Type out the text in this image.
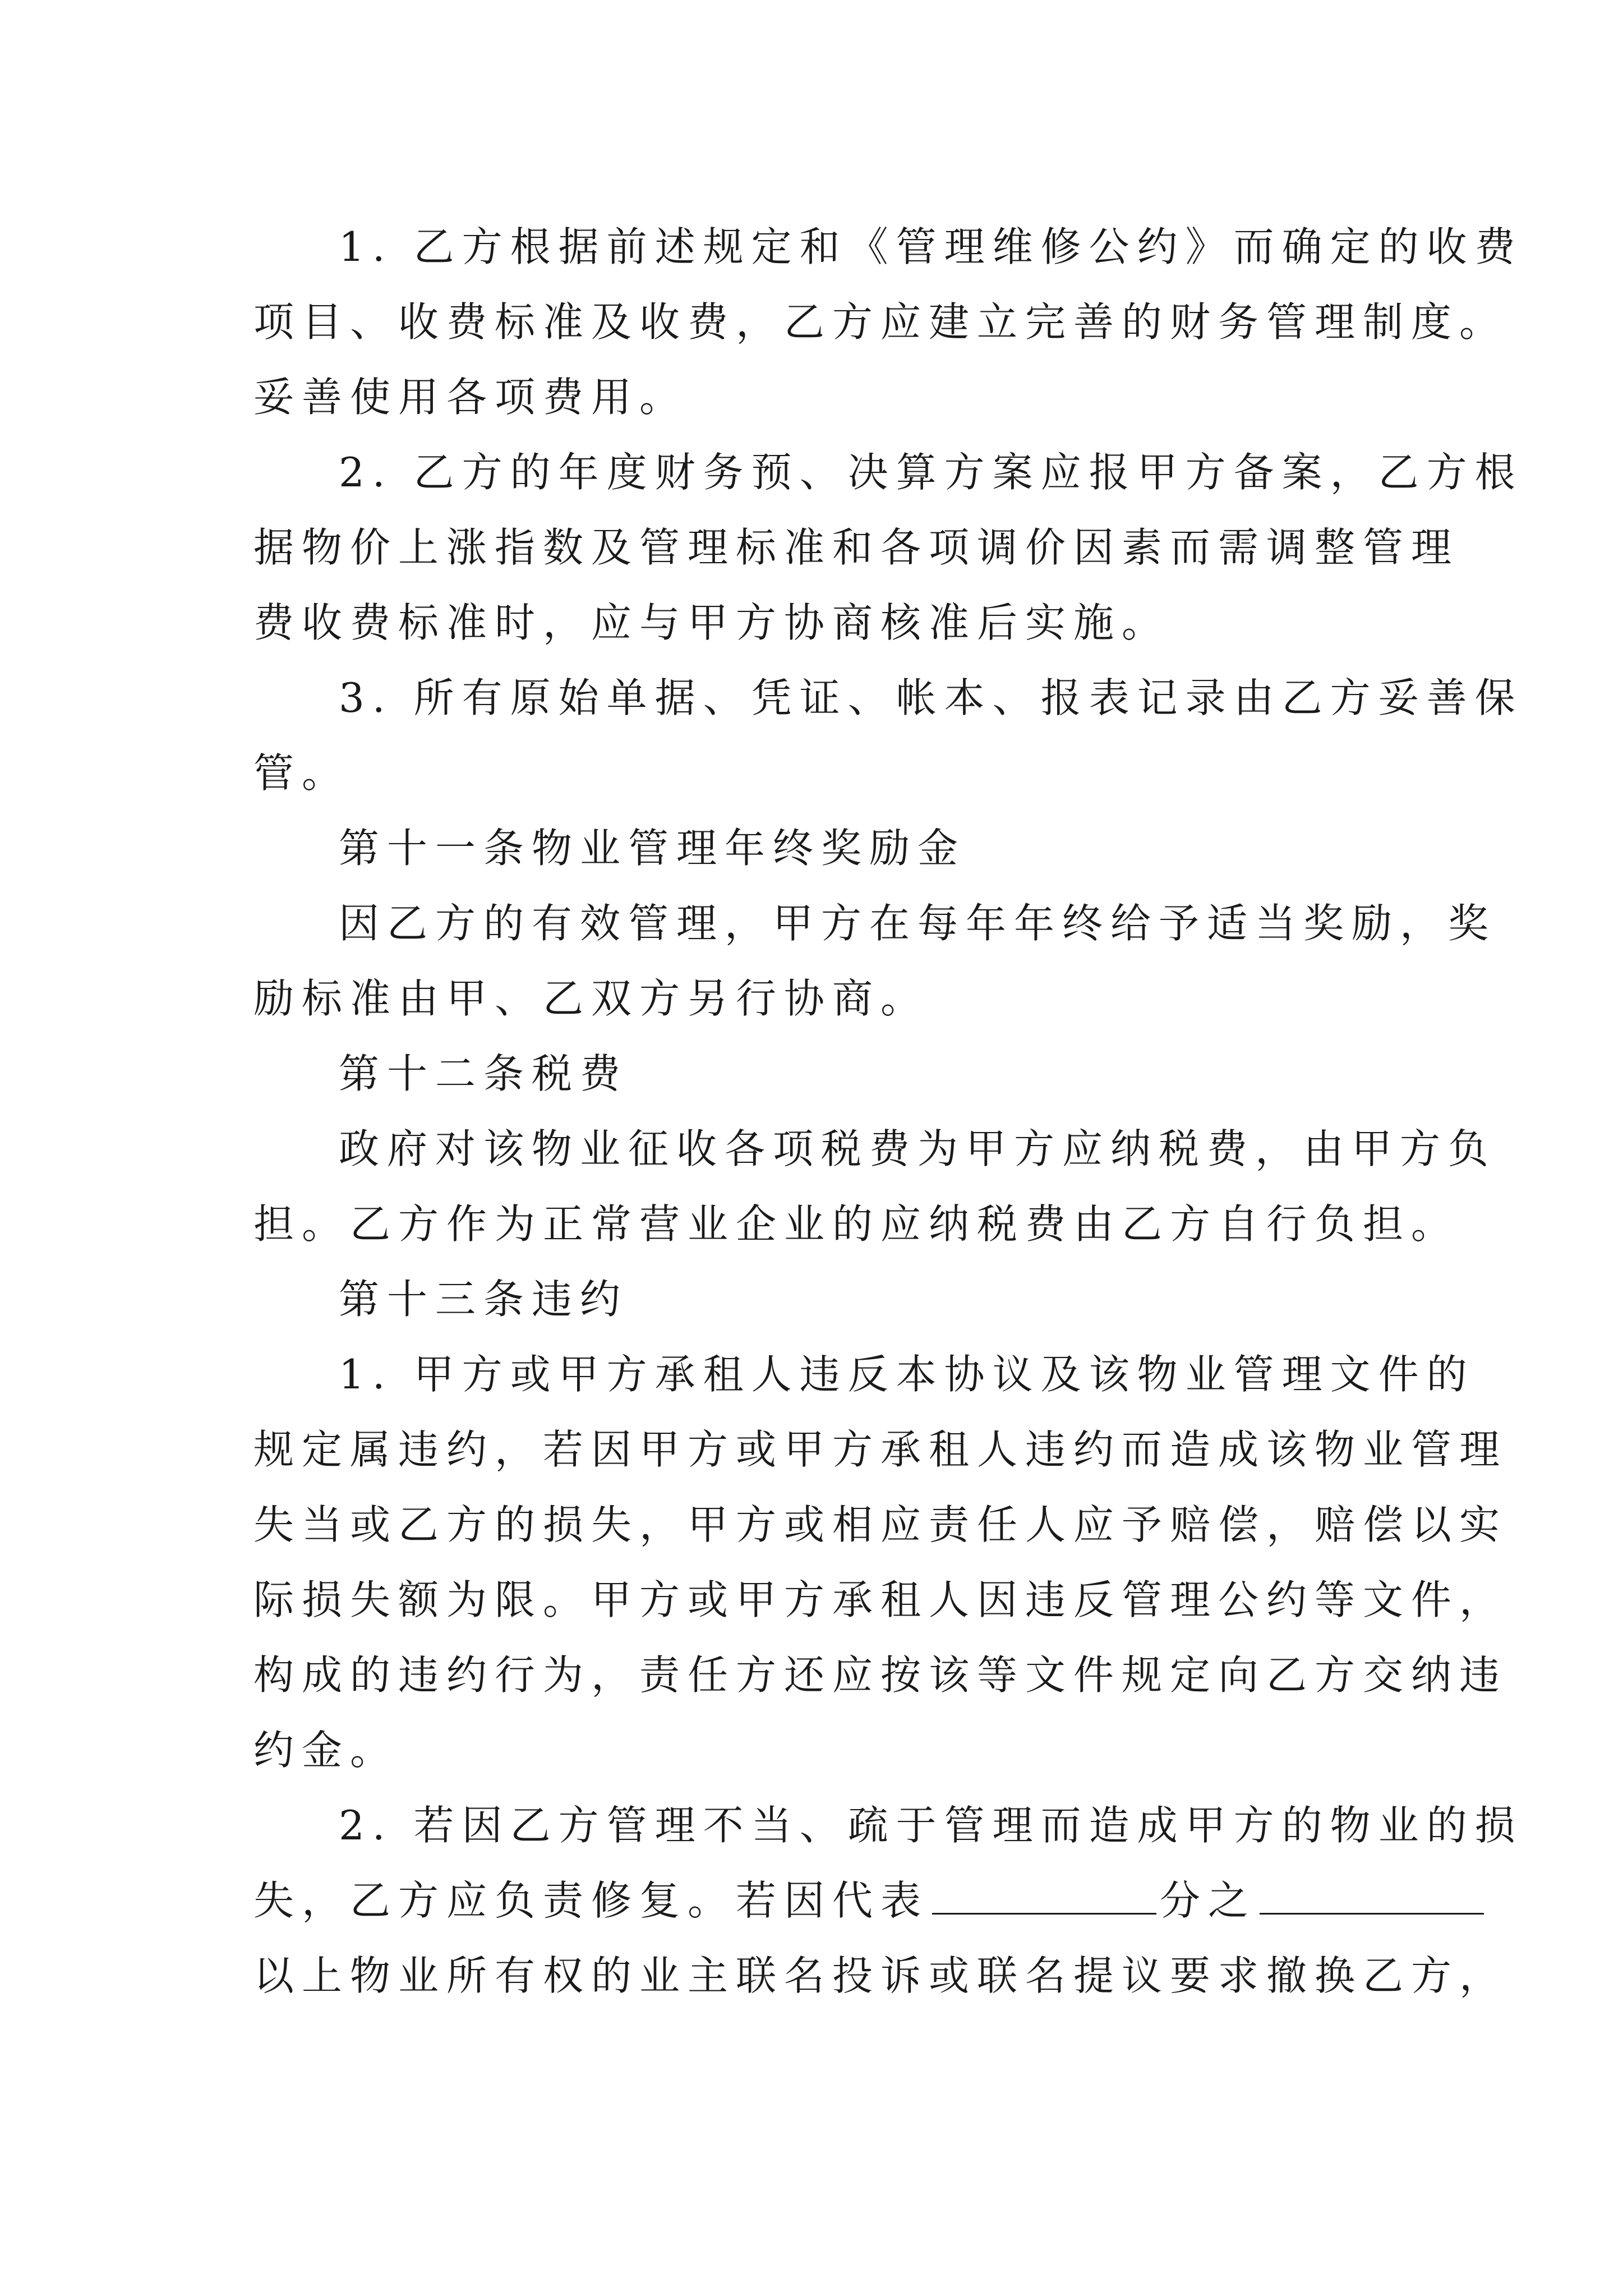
1. 乙方根据前述规定和《管理维修公约》而确定的收费
项目、收费标准及收费，乙方应建立完善的财务管理制度。
妥善使用各项费用。
2. 乙方的年度财务预、决算方案应报甲方备案，乙方根
据物价上涨指数及管理标准和各项调价因素而需调整管理
费收费标准时，应与甲方协商核准后实施。
3. 所有原始单据、凭证、帐本、报表记录由乙方妥善保
管。
第十一条物业管理年终奖励金
因乙方的有效管理，甲方在每年年终给予适当奖励，奖
励标准由甲、乙双方另行协商。
第十二条税费
政府对该物业征收各项税费为甲方应纳税费，由甲方负
担。乙方作为正常营业企业的应纳税费由乙方自行负担。
第十三条违约
1. 甲方或甲方承租人违反本协议及该物业管理文件的
规定属违约，若因甲方或甲方承租人违约而造成该物业管理
失当或乙方的损失，甲方或相应责任人应予赔偿，赔偿以实
际损失额为限。甲方或甲方承租人因违反管理公约等文件，
构成的违约行为，责任方还应按该等文件规定向乙方交纳违
约金。
2. 若因乙方管理不当、疏于管理而造成甲方的物业的损
失，乙方应负责修复。若因代表	分之
以上物业所有权的业主联名投诉或联名提议要求撤换乙方，
